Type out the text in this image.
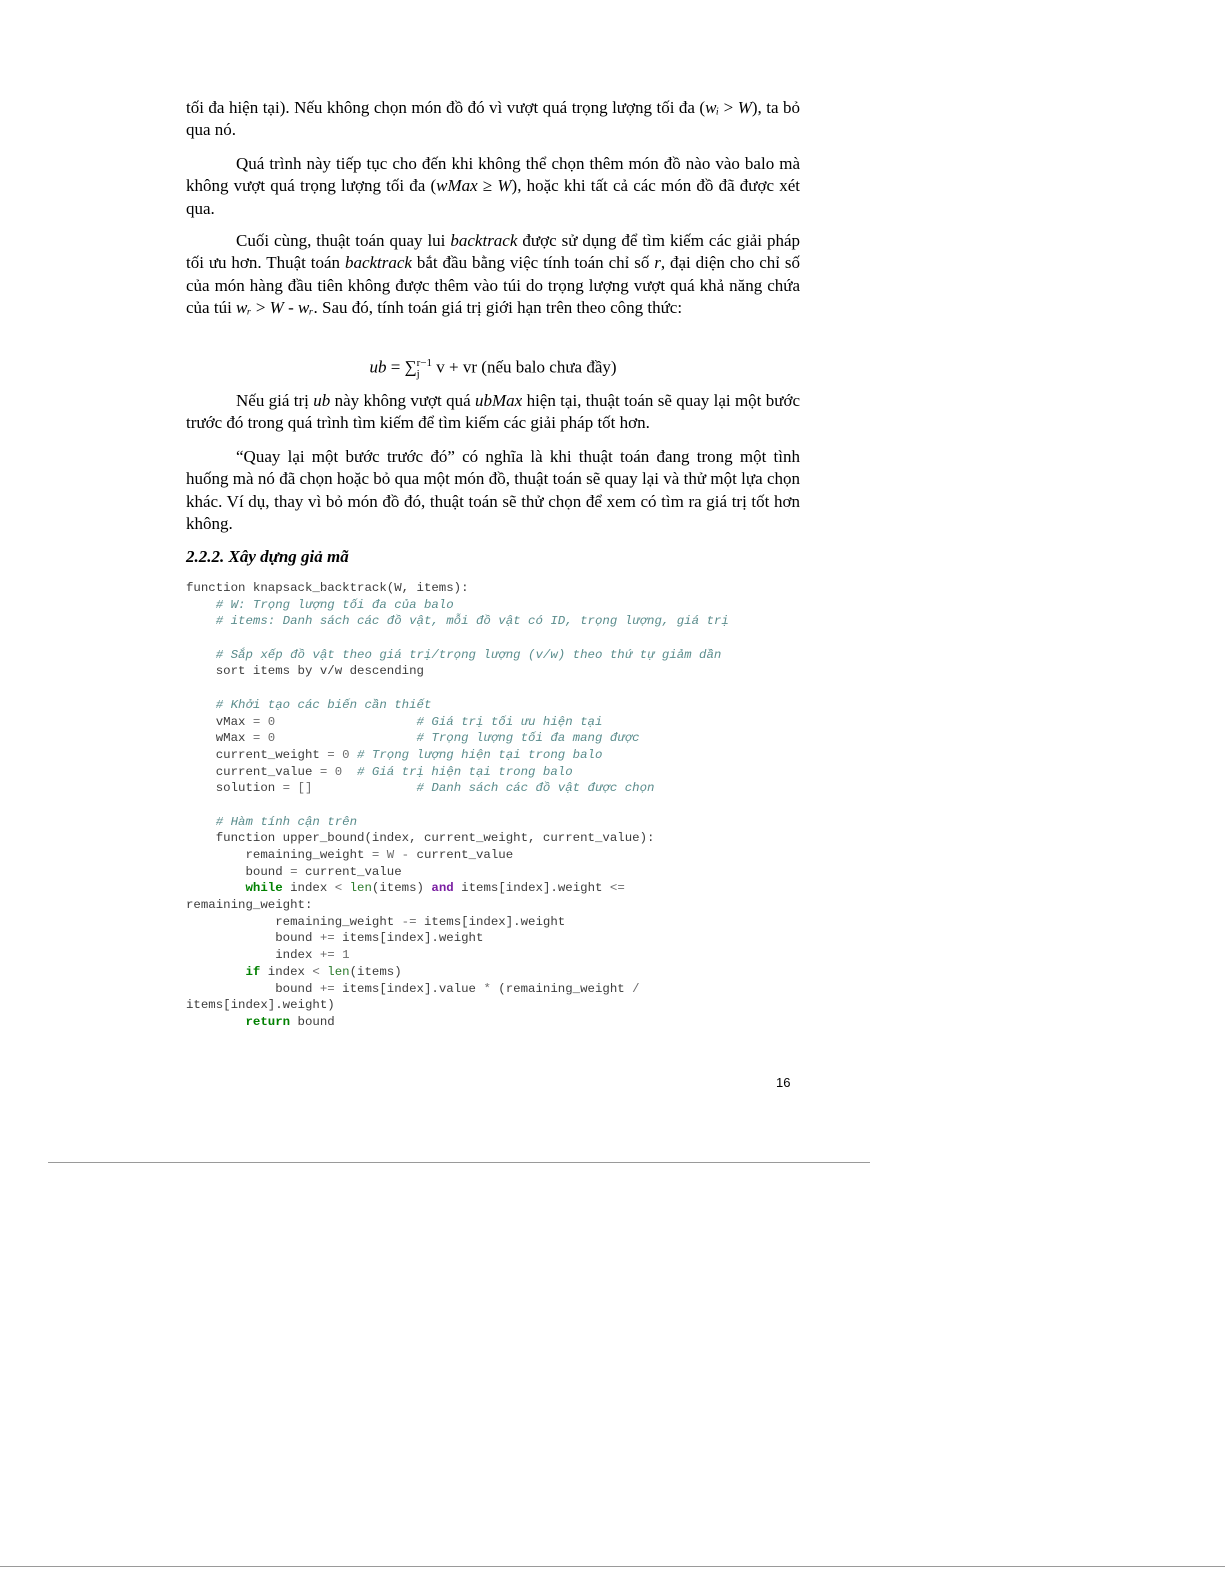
tối đa hiện tại). Nếu không chọn món đồ đó vì vượt quá trọng lượng tối đa (wᵢ > W), ta bỏ qua nó.

Quá trình này tiếp tục cho đến khi không thể chọn thêm món đồ nào vào balo mà không vượt quá trọng lượng tối đa (wMax ≥ W), hoặc khi tất cả các món đồ đã được xét qua.

Cuối cùng, thuật toán quay lui backtrack được sử dụng để tìm kiếm các giải pháp tối ưu hơn. Thuật toán backtrack bắt đầu bằng việc tính toán chỉ số r, đại diện cho chỉ số của món hàng đầu tiên không được thêm vào túi do trọng lượng vượt quá khả năng chứa của túi wᵣ > W - wᵣ. Sau đó, tính toán giá trị giới hạn trên theo công thức:

ub = ∑$^{r-1}$
j v + vr (nếu balo chưa đầy)

Nếu giá trị ub này không vượt quá ubMax hiện tại, thuật toán sẽ quay lại một bước trước đó trong quá trình tìm kiếm để tìm kiếm các giải pháp tốt hơn.

“Quay lại một bước trước đó” có nghĩa là khi thuật toán đang trong một tình huống mà nó đã chọn hoặc bỏ qua một món đồ, thuật toán sẽ quay lại và thử một lựa chọn khác. Ví dụ, thay vì bỏ món đồ đó, thuật toán sẽ thử chọn để xem có tìm ra giá trị tốt hơn không.

2.2.2. Xây dựng giả mã
function knapsack_backtrack(W, items):
# W: Trọng lượng tối đa của balo
# items: Danh sách các đồ vật, mỗi đồ vật có ID, trọng lượng, giá trị
# Sắp xếp đồ vật theo giá trị/trọng lượng (v/w) theo thứ tự giảm dần
sort items by v/w descending
# Khởi tạo các biến cần thiết
vMax = 0                   # Giá trị tối ưu hiện tại
wMax = 0                   # Trọng lượng tối đa mang được
current_weight = 0 # Trọng lượng hiện tại trong balo
current_value = 0  # Giá trị hiện tại trong balo
solution = []              # Danh sách các đồ vật được chọn
# Hàm tính cận trên
function upper_bound(index, current_weight, current_value):
remaining_weight = W - current_value
bound = current_value
while index < len(items) and items[index].weight <=
remaining_weight:
remaining_weight -= items[index].weight
bound += items[index].weight
index += 1
if index < len(items)
bound += items[index].value * (remaining_weight /
items[index].weight)
return bound
16
